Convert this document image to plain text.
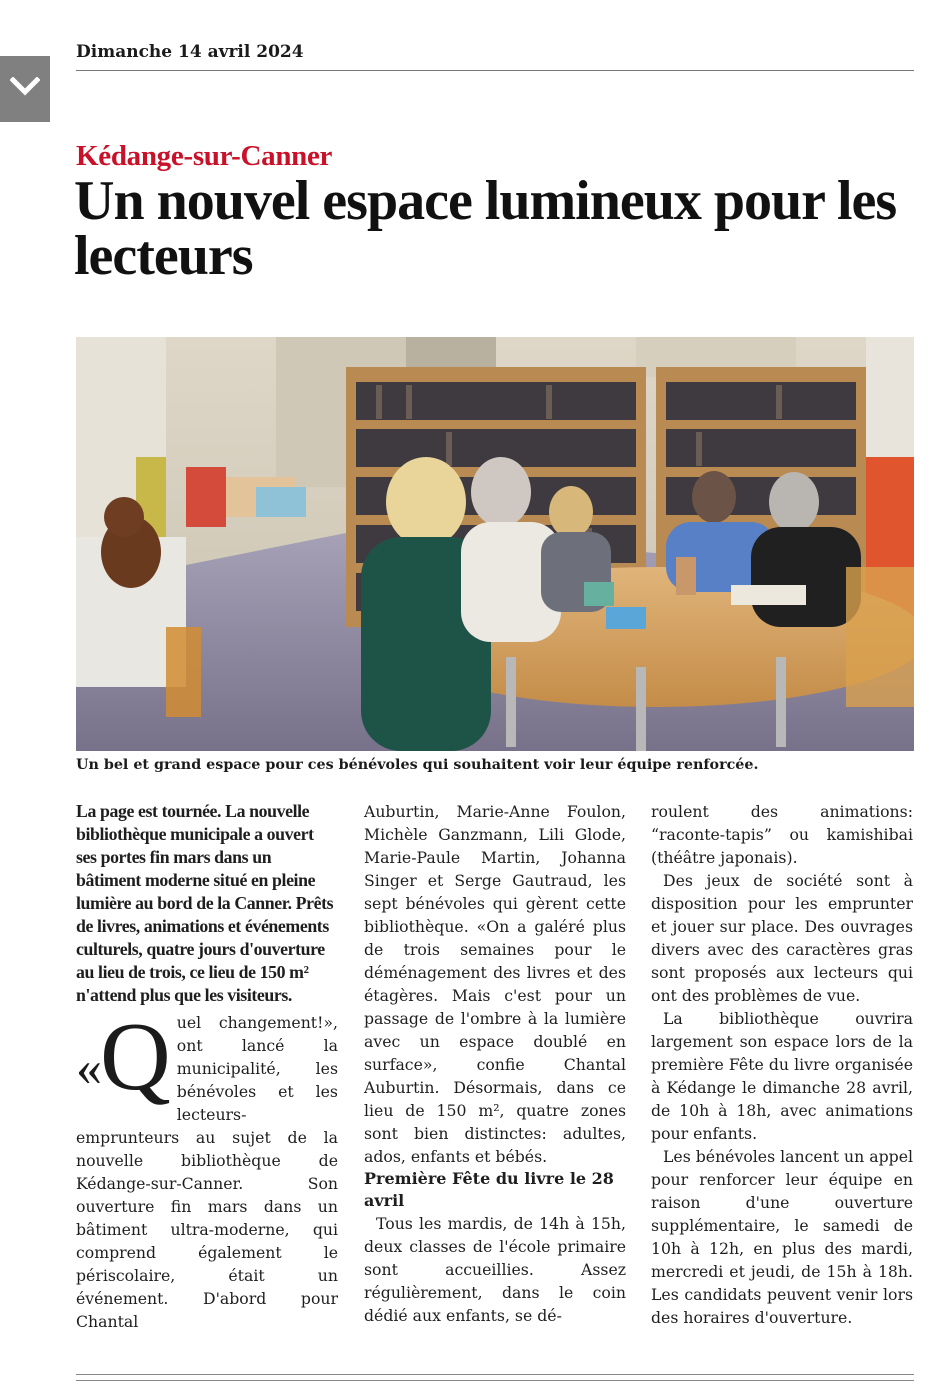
Dimanche 14 avril 2024
Kédange-sur-Canner
Un nouvel espace lumineux pour les lecteurs
Un bel et grand espace pour ces bénévoles qui souhaitent voir leur équipe renforcée.

La page est tournée. La nouvelle bibliothèque municipale a ouvert ses portes fin mars dans un bâtiment moderne situé en pleine lumière au bord de la Canner. Prêts de livres, animations et événements culturels, quatre jours d'ouverture au lieu de trois, ce lieu de 150 m² n'attend plus que les visiteurs.

«
Q uel changement!», ont lancé la municipalité, les bénévoles et les lecteurs-emprunteurs au sujet de la nouvelle bibliothèque de Kédange-sur-Canner. Son ouverture fin mars dans un bâtiment ultra-moderne, qui comprend également le périscolaire, était un événement. D'abord pour Chantal

Auburtin, Marie-Anne Foulon, Michèle Ganzmann, Lili Glode, Marie-Paule Martin, Johanna Singer et Serge Gautraud, les sept bénévoles qui gèrent cette bibliothèque. «On a galéré plus de trois semaines pour le déménagement des livres et des étagères. Mais c'est pour un passage de l'ombre à la lumière avec un espace doublé en surface», confie Chantal Auburtin. Désormais, dans ce lieu de 150 m², quatre zones sont bien distinctes: adultes, ados, enfants et bébés.

Première Fête du livre le 28 avril

Tous les mardis, de 14h à 15h, deux classes de l'école primaire sont accueillies. Assez régulièrement, dans le coin dédié aux enfants, se dé-

roulent des animations: “raconte-tapis” ou kamishibai (théâtre japonais).

Des jeux de société sont à disposition pour les emprunter et jouer sur place. Des ouvrages divers avec des caractères gras sont proposés aux lecteurs qui ont des problèmes de vue.

La bibliothèque ouvrira largement son espace lors de la première Fête du livre organisée à Kédange le dimanche 28 avril, de 10h à 18h, avec animations pour enfants.

Les bénévoles lancent un appel pour renforcer leur équipe en raison d'une ouverture supplémentaire, le samedi de 10h à 12h, en plus des mardi, mercredi et jeudi, de 15h à 18h. Les candidats peuvent venir lors des horaires d'ouverture.
